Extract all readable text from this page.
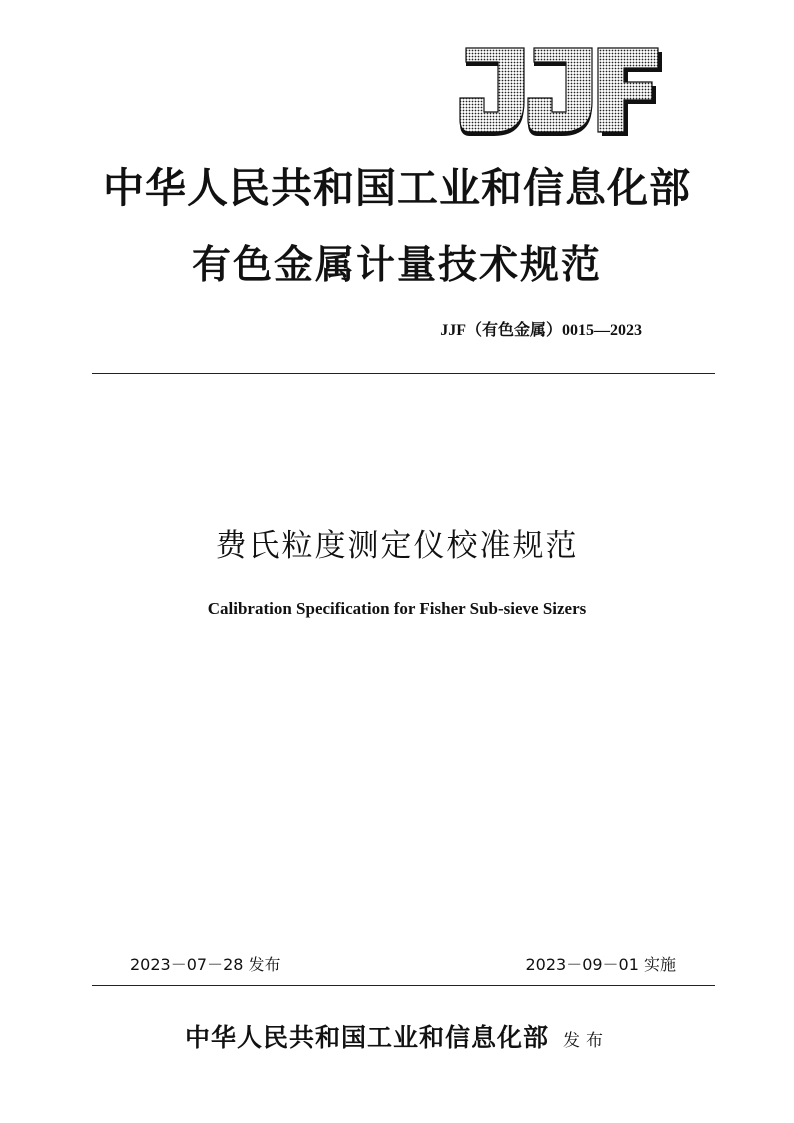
中华人民共和国工业和信息化部
有色金属计量技术规范
JJF（有色金属）0015—2023
费氏粒度测定仪校准规范
Calibration Specification for Fisher Sub-sieve Sizers
2023－07－28 发布	2023－09－01 实施
中华人民共和国工业和信息化部 发布
